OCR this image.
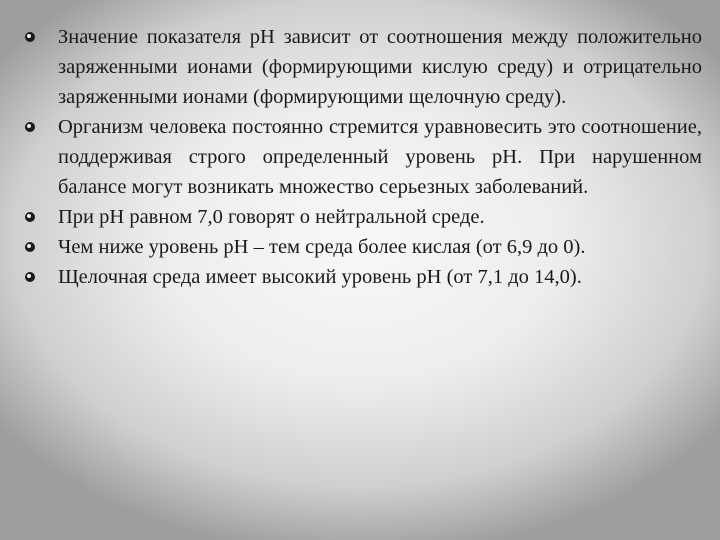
Значение показателя pH зависит от соотношения между положительно заряженными ионами (формирующими кислую среду) и отрицательно заряженными ионами (формирующими щелочную среду).
Организм человека постоянно стремится уравновесить это соотношение, поддерживая строго определенный уровень pH. При нарушенном балансе могут возникать множество серьезных заболеваний.
При pH равном 7,0 говорят о нейтральной среде.
Чем ниже уровень pH – тем среда более кислая (от 6,9 до 0).
Щелочная среда имеет высокий уровень pH (от 7,1 до 14,0).
